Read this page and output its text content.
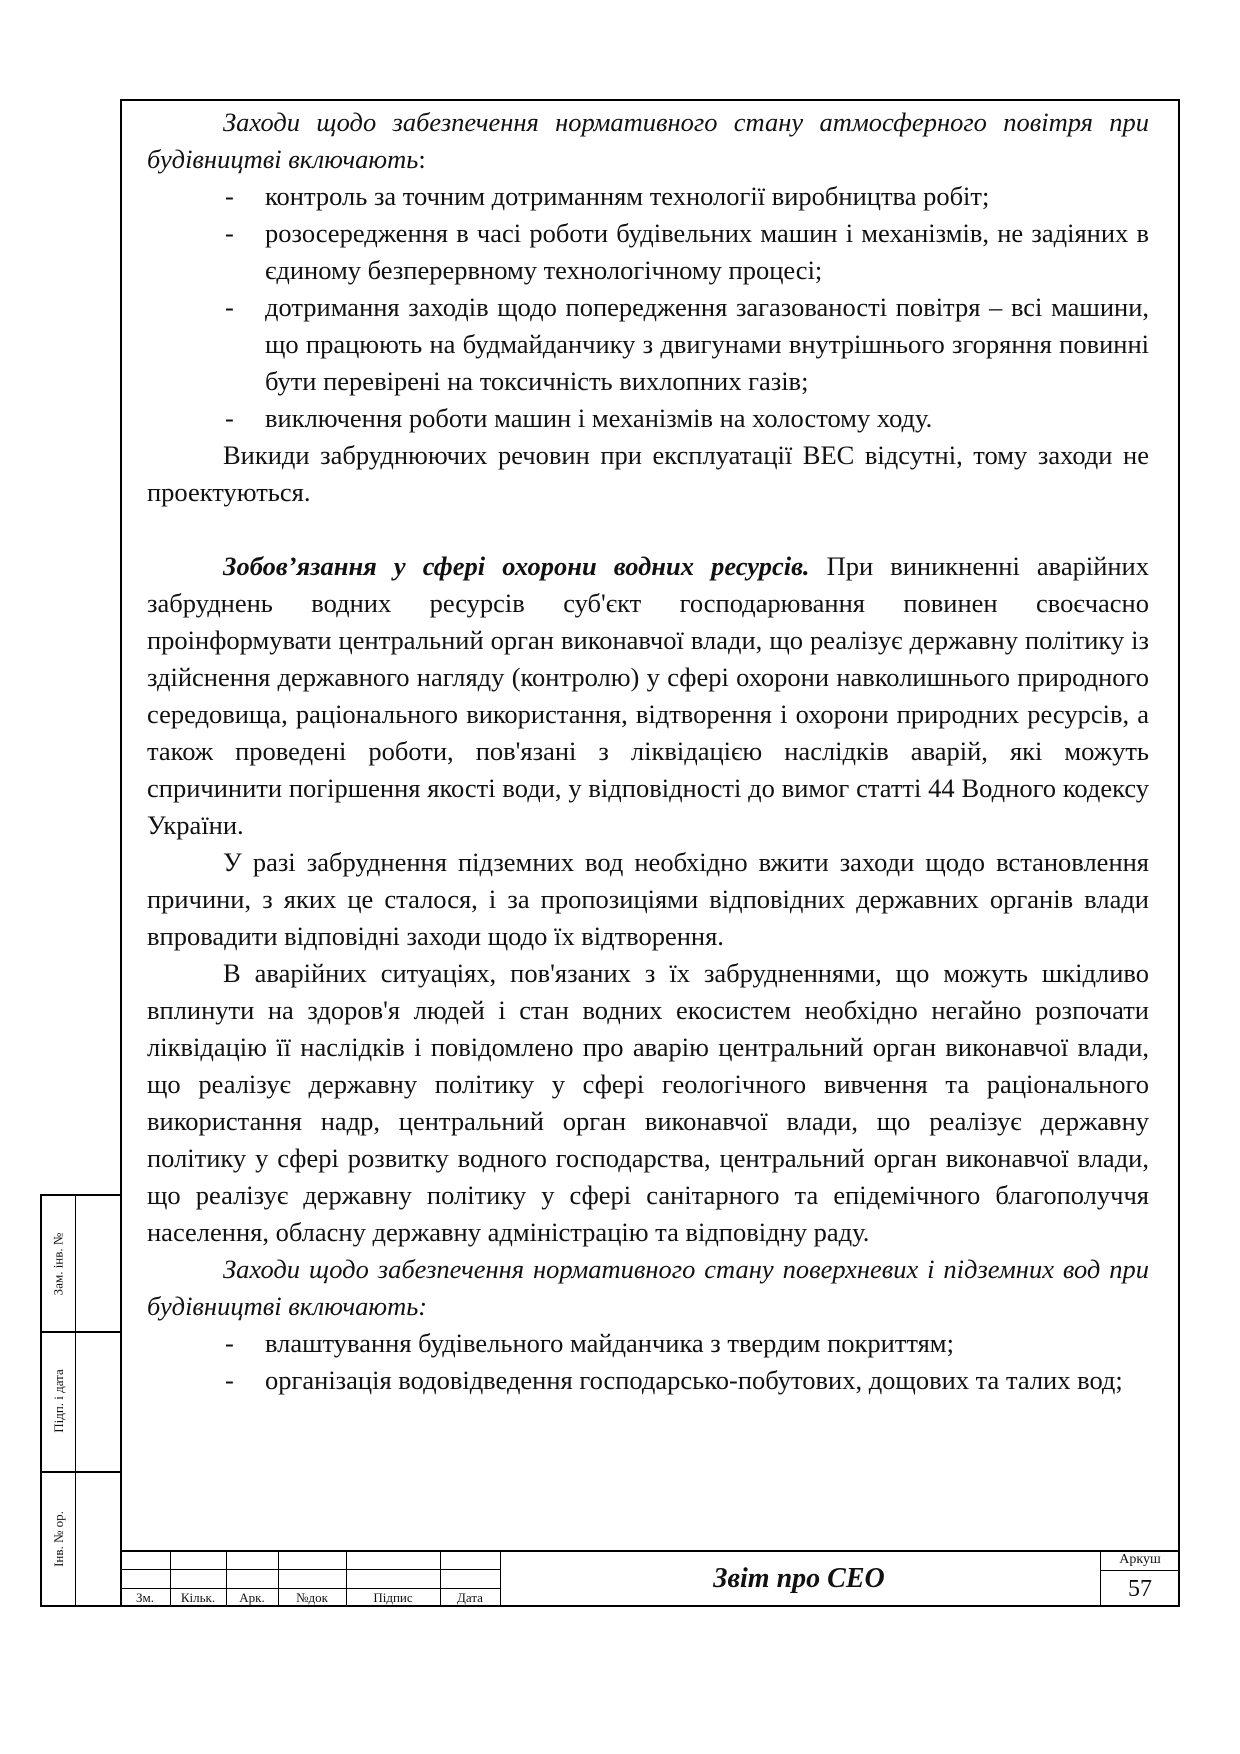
Заходи щодо забезпечення нормативного стану атмосферного повітря при будівництві включають:

- контроль за точним дотриманням технології виробництва робіт;
- розосередження в часі роботи будівельних машин і механізмів, не задіяних в єдиному безперервному технологічному процесі;
- дотримання заходів щодо попередження загазованості повітря – всі машини, що працюють на будмайданчику з двигунами внутрішнього згоряння повинні бути перевірені на токсичність вихлопних газів;
- виключення роботи машин і механізмів на холостому ходу.

Викиди забруднюючих речовин при експлуатації ВЕС відсутні, тому заходи не проектуються.

Зобов’язання у сфері охорони водних ресурсів. При виникненні аварійних забруднень водних ресурсів суб'єкт господарювання повинен своєчасно проінформувати центральний орган виконавчої влади, що реалізує державну політику із здійснення державного нагляду (контролю) у сфері охорони навколишнього природного середовища, раціонального використання, відтворення і охорони природних ресурсів, а також проведені роботи, пов'язані з ліквідацією наслідків аварій, які можуть спричинити погіршення якості води, у відповідності до вимог статті 44 Водного кодексу України.

У разі забруднення підземних вод необхідно вжити заходи щодо встановлення причини, з яких це сталося, і за пропозиціями відповідних державних органів влади впровадити відповідні заходи щодо їх відтворення.

В аварійних ситуаціях, пов'язаних з їх забрудненнями, що можуть шкідливо вплинути на здоров'я людей і стан водних екосистем необхідно негайно розпочати ліквідацію її наслідків і повідомлено про аварію центральний орган виконавчої влади, що реалізує державну політику у сфері геологічного вивчення та раціонального використання надр, центральний орган виконавчої влади, що реалізує державну політику у сфері розвитку водного господарства, центральний орган виконавчої влади, що реалізує державну політику у сфері санітарного та епідемічного благополуччя населення, обласну державну адміністрацію та відповідну раду.

Заходи щодо забезпечення нормативного стану поверхневих і підземних вод при будівництві включають:

- влаштування будівельного майданчика з твердим покриттям;
- організація водовідведення господарсько-побутових, дощових та талих вод;
Зам. інв. №
Підп. і дата
Інв. № ор.
Зм.	Кільк.	Арк.	№док	Підпис	Дата
Звіт про СЕО
Аркуш
57
